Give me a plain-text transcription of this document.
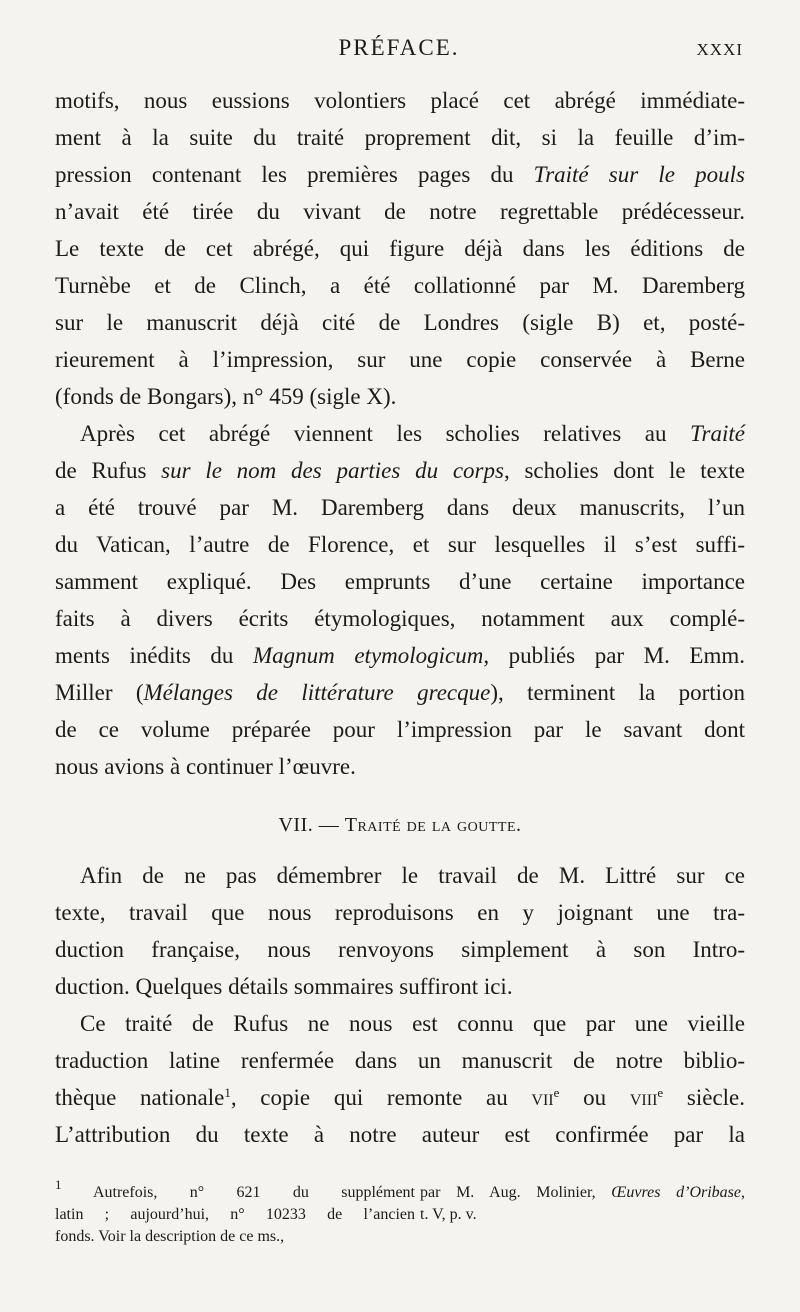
PRÉFACE.	XXXI
motifs, nous eussions volontiers placé cet abrégé immédiate-
ment à la suite du traité proprement dit, si la feuille d’im-
pression contenant les premières pages du Traité sur le pouls
n’avait été tirée du vivant de notre regrettable prédécesseur.
Le texte de cet abrégé, qui figure déjà dans les éditions de
Turnèbe et de Clinch, a été collationné par M. Daremberg
sur le manuscrit déjà cité de Londres (sigle B) et, posté-
rieurement à l’impression, sur une copie conservée à Berne
(fonds de Bongars), n° 459 (sigle X).
Après cet abrégé viennent les scholies relatives au Traité
de Rufus sur le nom des parties du corps, scholies dont le texte
a été trouvé par M. Daremberg dans deux manuscrits, l’un
du Vatican, l’autre de Florence, et sur lesquelles il s’est suffi-
samment expliqué. Des emprunts d’une certaine importance
faits à divers écrits étymologiques, notamment aux complé-
ments inédits du Magnum etymologicum, publiés par M. Emm.
Miller (Mélanges de littérature grecque), terminent la portion
de ce volume préparée pour l’impression par le savant dont
nous avions à continuer l’œuvre.
VII. — Traité de la goutte.
Afin de ne pas démembrer le travail de M. Littré sur ce
texte, travail que nous reproduisons en y joignant une tra-
duction française, nous renvoyons simplement à son Intro-
duction. Quelques détails sommaires suffiront ici.
Ce traité de Rufus ne nous est connu que par une vieille
traduction latine renfermée dans un manuscrit de notre biblio-
thèque nationale$^1$, copie qui remonte au vii$^e$ ou viii$^e$ siècle.
L’attribution du texte à notre auteur est confirmée par la
$^1$ Autrefois, n° 621 du supplément
latin ; aujourd’hui, n° 10233 de l’ancien
fonds. Voir la description de ce ms.,
par M. Aug. Molinier, Œuvres d’Oribase,
t. V, p. v.
